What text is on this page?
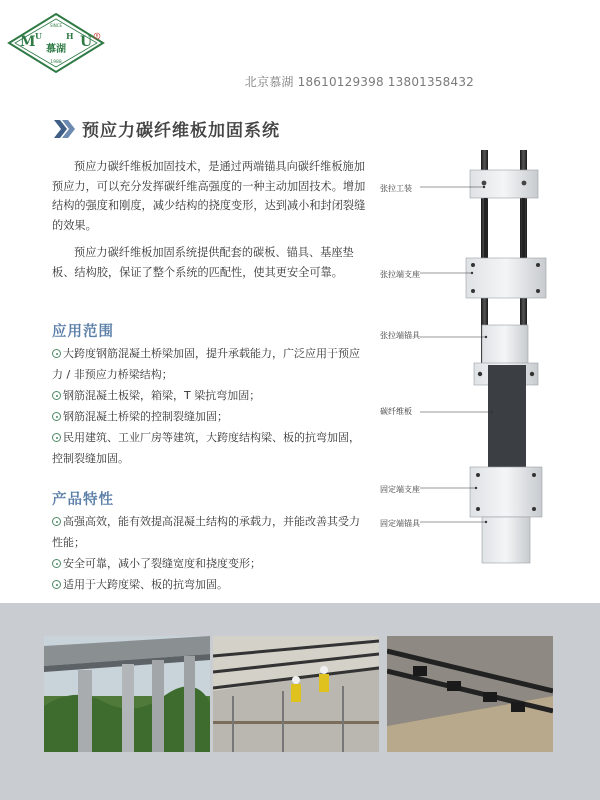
SINCE
M U	H U
慕湖
1988
R
北京慕湖 18610129398 13801358432
预应力碳纤维板加固系统

预应力碳纤维板加固技术，是通过两端锚具向碳纤维板施加预应力，可以充分发挥碳纤维高强度的一种主动加固技术。增加结构的强度和刚度，减少结构的挠度变形，达到减小和封闭裂缝的效果。

预应力碳纤维板加固系统提供配套的碳板、锚具、基座垫板、结构胶，保证了整个系统的匹配性，使其更安全可靠。

应用范围
大跨度钢筋混凝土桥梁加固，提升承载能力，广泛应用于预应力 / 非预应力桥梁结构；
钢筋混凝土板梁，箱梁，T 梁抗弯加固；
钢筋混凝土桥梁的控制裂缝加固；
民用建筑、工业厂房等建筑，大跨度结构梁、板的抗弯加固，控制裂缝加固。
产品特性
高强高效，能有效提高混凝土结构的承载力，并能改善其受力性能；
安全可靠，减小了裂缝宽度和挠度变形；
适用于大跨度梁、板的抗弯加固。
张拉工装
张拉端支座
张拉端锚具
碳纤维板
固定端支座
固定端锚具
